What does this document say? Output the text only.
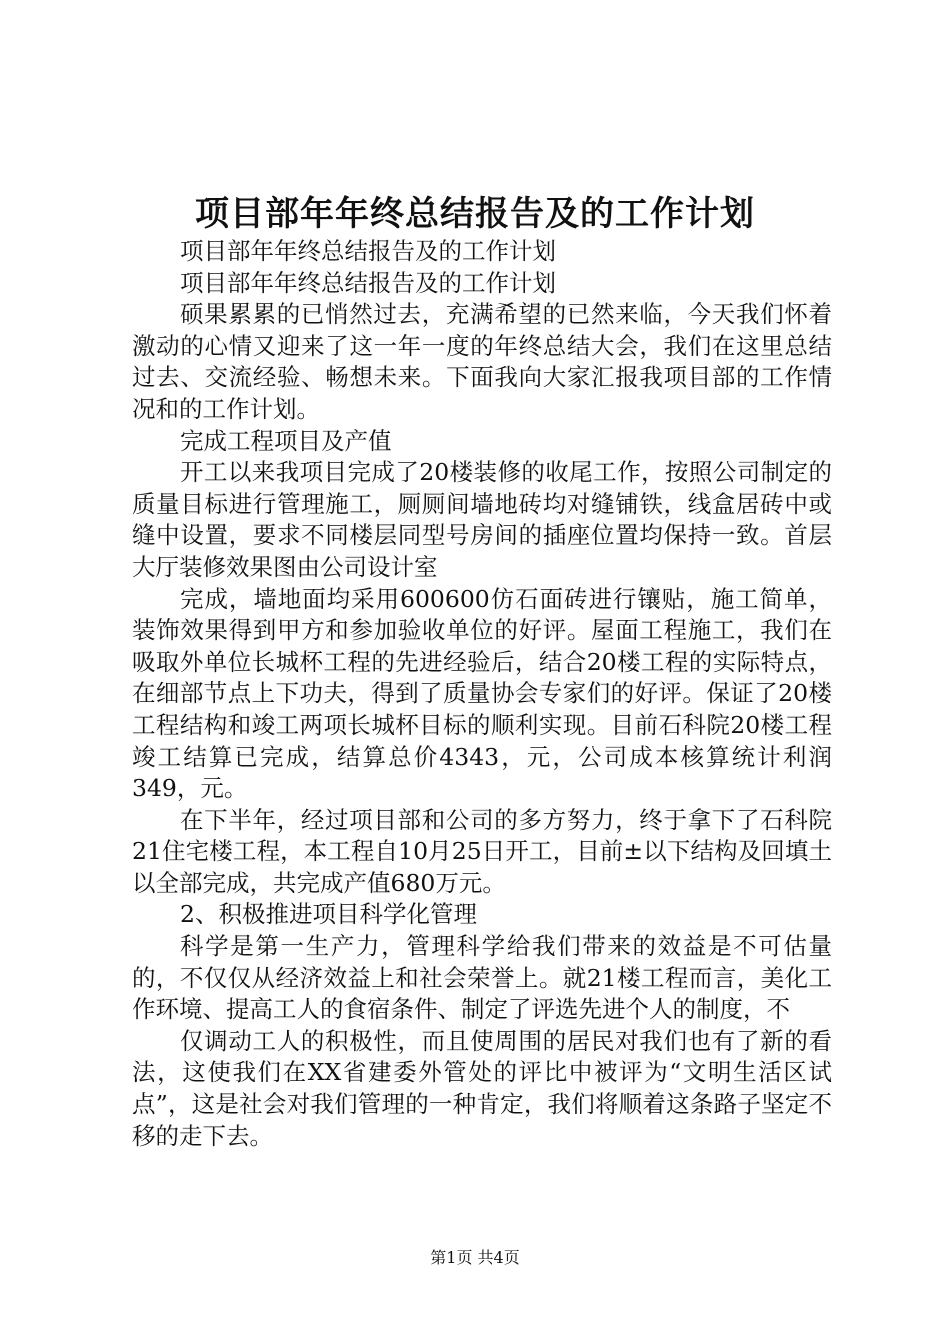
项目部年年终总结报告及的工作计划

项目部年年终总结报告及的工作计划

项目部年年终总结报告及的工作计划

硕果累累的已悄然过去，充满希望的已然来临，今天我们怀着激动的心情又迎来了这一年一度的年终总结大会，我们在这里总结过去、交流经验、畅想未来。下面我向大家汇报我项目部的工作情况和的工作计划。

完成工程项目及产值

开工以来我项目完成了20楼装修的收尾工作，按照公司制定的质量目标进行管理施工，厕厕间墙地砖均对缝铺铁，线盒居砖中或缝中设置，要求不同楼层同型号房间的插座位置均保持一致。首层大厅装修效果图由公司设计室

完成，墙地面均采用600600仿石面砖进行镶贴，施工简单，装饰效果得到甲方和参加验收单位的好评。屋面工程施工，我们在吸取外单位长城杯工程的先进经验后，结合20楼工程的实际特点，在细部节点上下功夫，得到了质量协会专家们的好评。保证了20楼工程结构和竣工两项长城杯目标的顺利实现。目前石科院20楼工程竣工结算已完成，结算总价4343，元，公司成本核算统计利润349，元。

在下半年，经过项目部和公司的多方努力，终于拿下了石科院21住宅楼工程，本工程自10月25日开工，目前±以下结构及回填土以全部完成，共完成产值680万元。

2、积极推进项目科学化管理

科学是第一生产力，管理科学给我们带来的效益是不可估量的，不仅仅从经济效益上和社会荣誉上。就21楼工程而言，美化工作环境、提高工人的食宿条件、制定了评选先进个人的制度，不

仅调动工人的积极性，而且使周围的居民对我们也有了新的看法，这使我们在XX省建委外管处的评比中被评为“文明生活区试点”，这是社会对我们管理的一种肯定，我们将顺着这条路子坚定不移的走下去。

第1页 共4页
